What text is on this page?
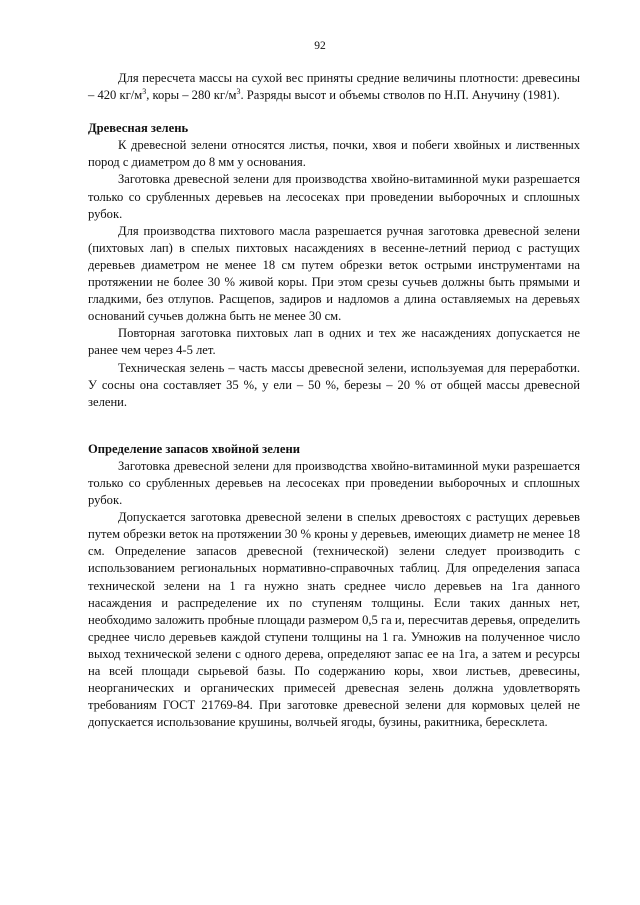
92

Для пересчета массы на сухой вес приняты средние величины плотности: древесины – 420 $кг/м^3$, коры – 280 $кг/м^3$. Разряды высот и объемы стволов по Н.П. Анучину (1981).

Древесная зелень

К древесной зелени относятся листья, почки, хвоя и побеги хвойных и лиственных пород с диаметром до 8 мм у основания.

Заготовка древесной зелени для производства хвойно-витаминной муки разрешается только со срубленных деревьев на лесосеках при проведении выборочных и сплошных рубок.

Для производства пихтового масла разрешается ручная заготовка древесной зелени (пихтовых лап) в спелых пихтовых насаждениях в весенне-летний период с растущих деревьев диаметром не менее 18 см путем обрезки веток острыми инструментами на протяжении не более 30 % живой коры. При этом срезы сучьев должны быть прямыми и гладкими, без отлупов. Расщепов, задиров и надломов а длина оставляемых на деревьях оснований сучьев должна быть не менее 30 см.

Повторная заготовка пихтовых лап в одних и тех же насаждениях допускается не ранее чем через 4-5 лет.

Техническая зелень – часть массы древесной зелени, используемая для переработки. У сосны она составляет 35 %, у ели – 50 %, березы – 20 % от общей массы древесной зелени.

Определение запасов хвойной зелени

Заготовка древесной зелени для производства хвойно-витаминной муки разрешается только со срубленных деревьев на лесосеках при проведении выборочных и сплошных рубок.

Допускается заготовка древесной зелени в спелых древостоях с растущих деревьев путем обрезки веток на протяжении 30 % кроны у деревьев, имеющих диаметр не менее 18 см. Определение запасов древесной (технической) зелени следует производить с использованием региональных нормативно-справочных таблиц. Для определения запаса технической зелени на 1 га нужно знать среднее число деревьев на 1га данного насаждения и распределение их по ступеням толщины. Если таких данных нет, необходимо заложить пробные площади размером 0,5 га и, пересчитав деревья, определить среднее число деревьев каждой ступени толщины на 1 га. Умножив на полученное число выход технической зелени с одного дерева, определяют запас ее на 1га, а затем и ресурсы на всей площади сырьевой базы. По содержанию коры, хвои листьев, древесины, неорганических и органических примесей древесная зелень должна удовлетворять требованиям ГОСТ 21769-84. При заготовке древесной зелени для кормовых целей не допускается использование крушины, волчьей ягоды, бузины, ракитника, бересклета.
